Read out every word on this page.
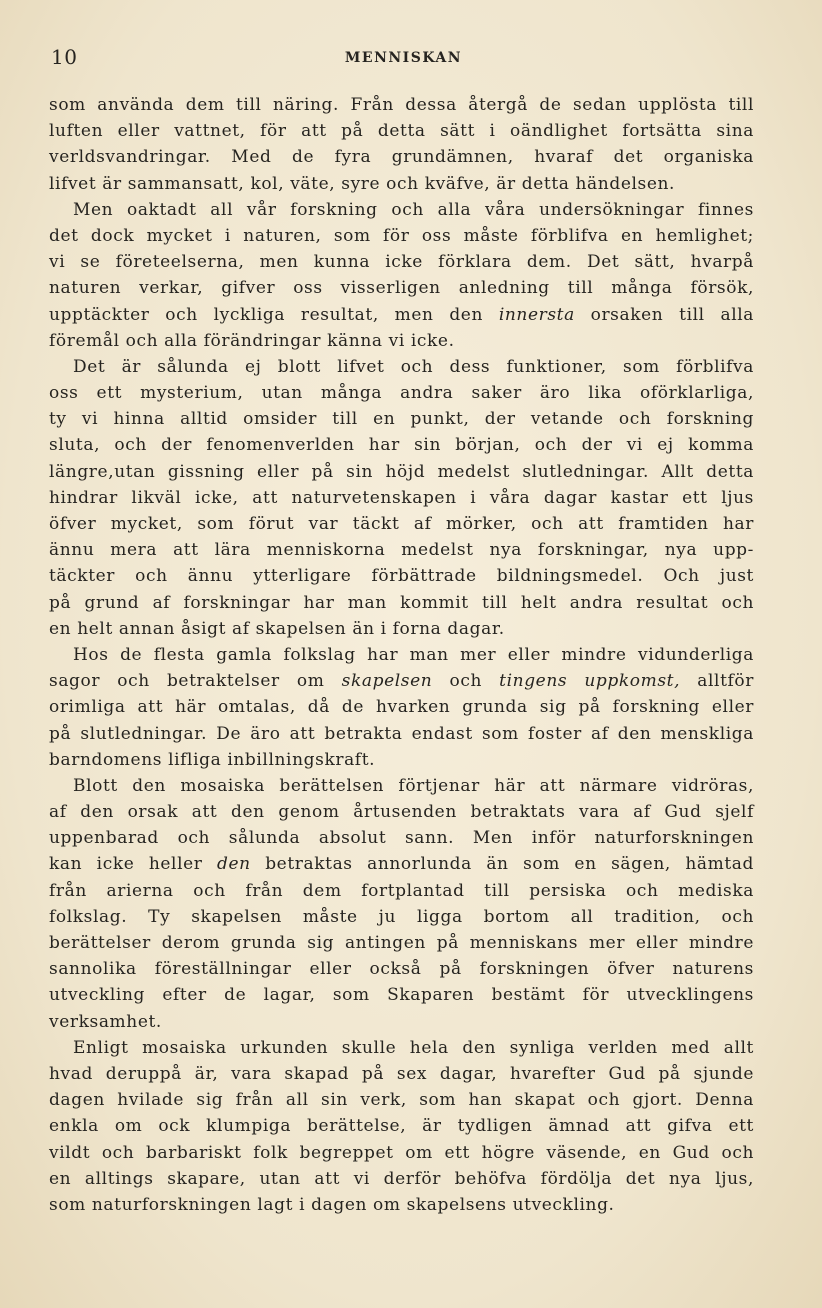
10	MENNISKAN
som använda dem till näring. Från dessa återgå de sedan upplösta till
luften eller vattnet, för att på detta sätt i oändlighet fortsätta sina
verldsvandringar. Med de fyra grundämnen, hvaraf det organiska
lifvet är sammansatt, kol, väte, syre och kväfve, är detta händelsen.
Men oaktadt all vår forskning och alla våra undersökningar finnes
det dock mycket i naturen, som för oss måste förblifva en hemlighet;
vi se företeelserna, men kunna icke förklara dem. Det sätt, hvarpå
naturen verkar, gifver oss visserligen anledning till många försök,
upptäckter och lyckliga resultat, men den innersta orsaken till alla
föremål och alla förändringar känna vi icke.
Det är sålunda ej blott lifvet och dess funktioner, som förblifva
oss ett mysterium, utan många andra saker äro lika oförklarliga,
ty vi hinna alltid omsider till en punkt, der vetande och forskning
sluta, och der fenomenverlden har sin början, och der vi ej komma
längre,utan gissning eller på sin höjd medelst slutledningar. Allt detta
hindrar likväl icke, att naturvetenskapen i våra dagar kastar ett ljus
öfver mycket, som förut var täckt af mörker, och att framtiden har
ännu mera att lära menniskorna medelst nya forskningar, nya upp-
täckter och ännu ytterligare förbättrade bildningsmedel. Och just
på grund af forskningar har man kommit till helt andra resultat och
en helt annan åsigt af skapelsen än i forna dagar.
Hos de flesta gamla folkslag har man mer eller mindre vidunderliga
sagor och betraktelser om skapelsen och tingens uppkomst, alltför
orimliga att här omtalas, då de hvarken grunda sig på forskning eller
på slutledningar. De äro att betrakta endast som foster af den menskliga
barndomens lifliga inbillningskraft.
Blott den mosaiska berättelsen förtjenar här att närmare vidröras,
af den orsak att den genom årtusenden betraktats vara af Gud sjelf
uppenbarad och sålunda absolut sann. Men inför naturforskningen
kan icke heller den betraktas annorlunda än som en sägen, hämtad
från arierna och från dem fortplantad till persiska och mediska
folkslag. Ty skapelsen måste ju ligga bortom all tradition, och
berättelser derom grunda sig antingen på menniskans mer eller mindre
sannolika föreställningar eller också på forskningen öfver naturens
utveckling efter de lagar, som Skaparen bestämt för utvecklingens
verksamhet.
Enligt mosaiska urkunden skulle hela den synliga verlden med allt
hvad deruppå är, vara skapad på sex dagar, hvarefter Gud på sjunde
dagen hvilade sig från all sin verk, som han skapat och gjort. Denna
enkla om ock klumpiga berättelse, är tydligen ämnad att gifva ett
vildt och barbariskt folk begreppet om ett högre väsende, en Gud och
en alltings skapare, utan att vi derför behöfva fördölja det nya ljus,
som naturforskningen lagt i dagen om skapelsens utveckling.
